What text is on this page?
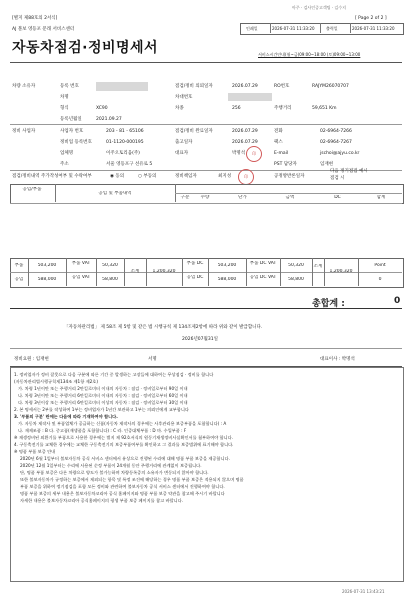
아주 · 검사인증고객팀 · 김수지
[별지 제88호의 2서식]	[ Page 2 of 2 ]
AJ 볼보 영등포 문래 서비스센터	인쇄일	2026-07-31 11:33:20	출력일	2026-07-31 11:33:20
자동차점검·정비명세서	서비스시간안내(월~금)09:00~18:00 (토)09:00~13:00
차량 소유자	등록 번호
차명
형식	XC90
등록년월일	2021.09.27
점검/정비 의뢰일자	2026.07.29	RO번호	RAJYM26070707
차대번호
차종	256	주행거리	59,651 Km
정비 사업자	사업자 번호	203 - 81 - 65106
정비업 등록번호	01-1120-000195
업체명	이주오토리움(주)
주소	서울 영등포구 선유로 5
점검/정비 완료일자	2026.07.29
출고일자	2026.07.29
대표자	박명석	印
전화	02-6964-7266
팩스	02-6964-7267
E-mail	jschoi@ajyu.co.kr
PST 담당자	임재현
점검/정비내역 주가작성여부 및 수락여부	◉ 동의	○ 부동의	정비책임자	최지성	印	공정방반론일자
다음 정기점검 예시
점검 시
공임/부품
공임 및 부품내역
구분	수량	단가	금액	DC	합계
부품	503,200	부품 VAT	50,320	부품 DC	503,200	부품 DC VAT	50,320	Point
공임	588,000	공임 VAT	58,800	공임 DC	588,000	공임 DC VAT	58,800	0
소계	1,200,320
소계
1,200,320
총합계 :	0
「자동차관리법」 제 58조 제 5항 및 같은 법 시행규칙 제 134조제2항에 따라 위와 같이 발급합니다.
2026년07월31일
정비요원 : 임재현	서명	대표이사 : 박명석
1. 정비업자가 정비 잘못으로 다음 구분에 따른 기간 중 발생하는 고장들에 대하여는 무상점검 · 정비를 합니다
(자동차관리법시행규칙제134조 제1항 제2호)
가. 차령 1년이만 또는 주행거리 2만킬로미터 이내의 자동차 : 점검 · 정비일로부터 90일 이내
나. 차령 3년이만 또는 주행거리 6만킬로미터 이내의 자동차 : 점검 · 정비일로부터 60일 이내
다. 차령 3년이상 또는 주행거리 6만킬로미터 이상의 자동차 : 점검 · 정비일로부터 30일 이내
2. 본 명세서는 2부를 작성하여 1부는 정비업자가 1년간 보관하고 1부는 의뢰인에게 교부합니다
3. '부품의 구분' 란에는 다음에 따라 기재하여야 합니다.
가. 자동차 제작사 및 부품업체가 공급하는 신품(자동차 제작사의 경우에는 사후관리용 보증부품을 포함합니다) : A
나. 재제조품 : B 다. 중고품(재생품을 포함합니다) : C 라. 인증대체부품 : D 마. 수입부품 : F
※ 재생정비된 외환기를 부품으로 사용한 경우에는 별지 제 92호서식의 원동기재생정비사실확인서를 첨부하여야 합니다.
4. 구동축전기를 교체한 경우에는 교체한 구동축전기의 보증부품여부를 확인하고 그 결과를 보증범위에 표기해야 합니다.
※ 명품 부품 보증 안내
2020년 6월 1일부터 볼보자동차 공식 서비스 센터에서 유상으로 진행된 수리에 대해 명품 부품 보증을 제공합니다.
2020년 12월 1일부터는 수리에 사용된 순정 부품이 24개월 동안 주행거리에 관계없이 보증됩니다.
단, 명품 부품 보증은 다른 차량으로 양도가 불가능하며 차량등록증의 소유자가 변동되지 않아야 합니다.
또한 볼보자동차가 규정하는 보증에서 제외되는 항목 및 특정 조건에 해당하는 경우 명품 부품 보증은 적용되지 않으며 명품
부품 보증을 위하여 정기점검을 포함 모든 정비와 관련하여 볼보자동차 공식 서비스 센터에서 진행하여야 합니다.
명품 부품 보증의 세부 내용은 볼보자동차코리아 공식 홈페이지와 명품 부품 보증 약관을 참고해 주시기 바랍니다
자세한 내용은 볼보자동차코리아 공식홈페이지의 평생 부품 보증 페이지를 참고 바랍니다.
2026-07-31 13:43:21
